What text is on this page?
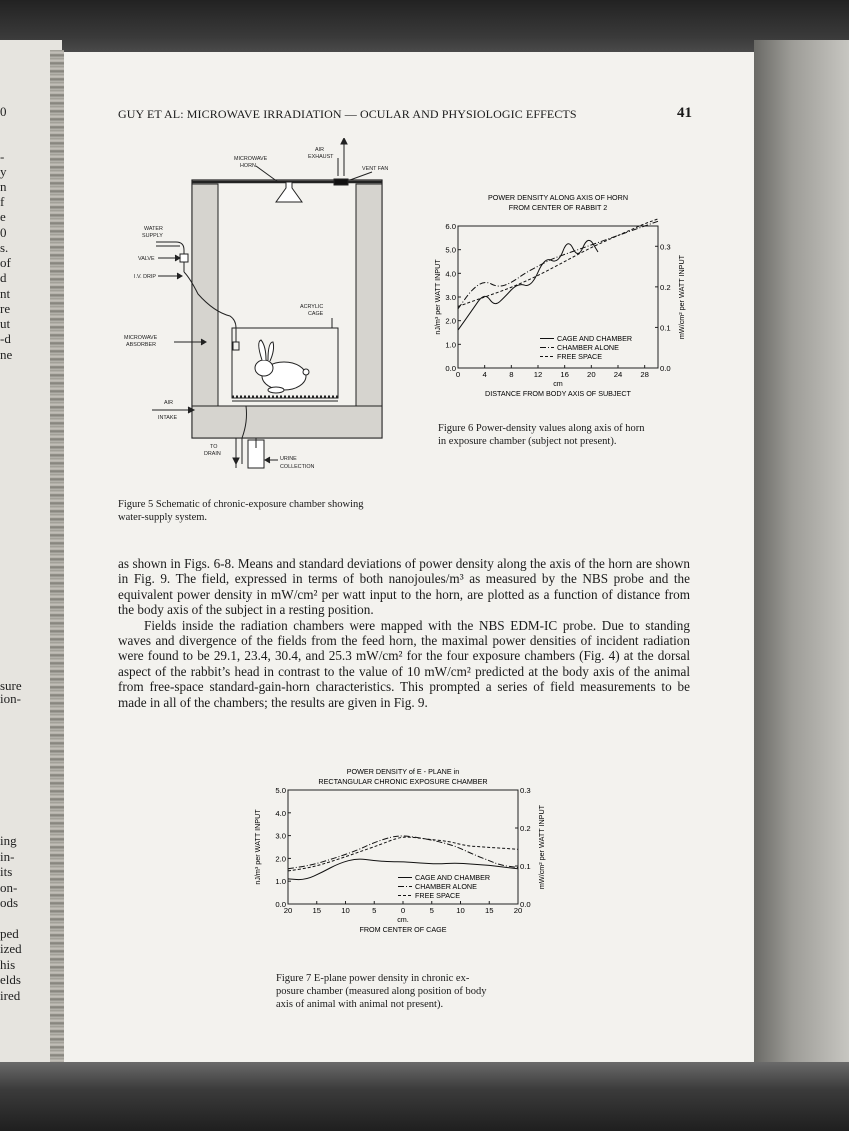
0
-
y
n
f
e
0
s.
of
d
nt
re
ut
-d
ne
sure
ion-
ing
in-
its
on-
ods
ped
ized
his
elds
ired
GUY ET AL: MICROWAVE IRRADIATION — OCULAR AND PHYSIOLOGIC EFFECTS	41
AIR
EXHAUST
MICROWAVE
HORN	VENT FAN
WATER
SUPPLY
VALVE
I.V. DRIP
ACRYLIC
CAGE
MICROWAVE
ABSORBER
AIR
INTAKE
TO
DRAIN
URINE
COLLECTION
Figure 5 Schematic of chronic-exposure chamber showing
water-supply system.
POWER DENSITY ALONG AXIS OF HORN
FROM CENTER OF RABBIT 2
0	4	8	12 16 20 24 28
0.0
1.0
2.0
3.0
4.0
5.0
6.0
0.0
0.1
0.2
0.3
cm
DISTANCE FROM BODY AXIS OF SUBJECT
nJ/m³ per WATT INPUT	mW/cm² per WATT INPUT
CAGE AND CHAMBER
CHAMBER ALONE
FREE SPACE
Figure 6 Power-density values along axis of horn
in exposure chamber (subject not present).

as shown in Figs. 6-8. Means and standard deviations of power density along the axis of the horn are shown in Fig. 9. The field, expressed in terms of both nanojoules/m³ as measured by the NBS probe and the equivalent power density in mW/cm² per watt input to the horn, are plotted as a function of distance from the body axis of the subject in a resting position.

Fields inside the radiation chambers were mapped with the NBS EDM-IC probe. Due to standing waves and divergence of the fields from the feed horn, the maximal power densities of incident radiation were found to be 29.1, 23.4, 30.4, and 25.3 mW/cm² for the four exposure chambers (Fig. 4) at the dorsal aspect of the rabbit’s head in contrast to the value of 10 mW/cm² predicted at the body axis of the animal from free-space standard-gain-horn characteristics. This prompted a series of field measurements to be made in all of the chambers; the results are given in Fig. 9.

POWER DENSITY of E - PLANE in
RECTANGULAR CHRONIC EXPOSURE CHAMBER
20	15	10	5	0	5	10	15	20
0.0
1.0
2.0
3.0
4.0
5.0
0.0
0.1
0.2
0.3
cm.
FROM CENTER OF CAGE
nJ/m³ per WATT INPUT	mW/cm² per WATT INPUT
CAGE AND CHAMBER
CHAMBER ALONE
FREE SPACE
Figure 7 E-plane power density in chronic ex-
posure chamber (measured along position of body
axis of animal with animal not present).
